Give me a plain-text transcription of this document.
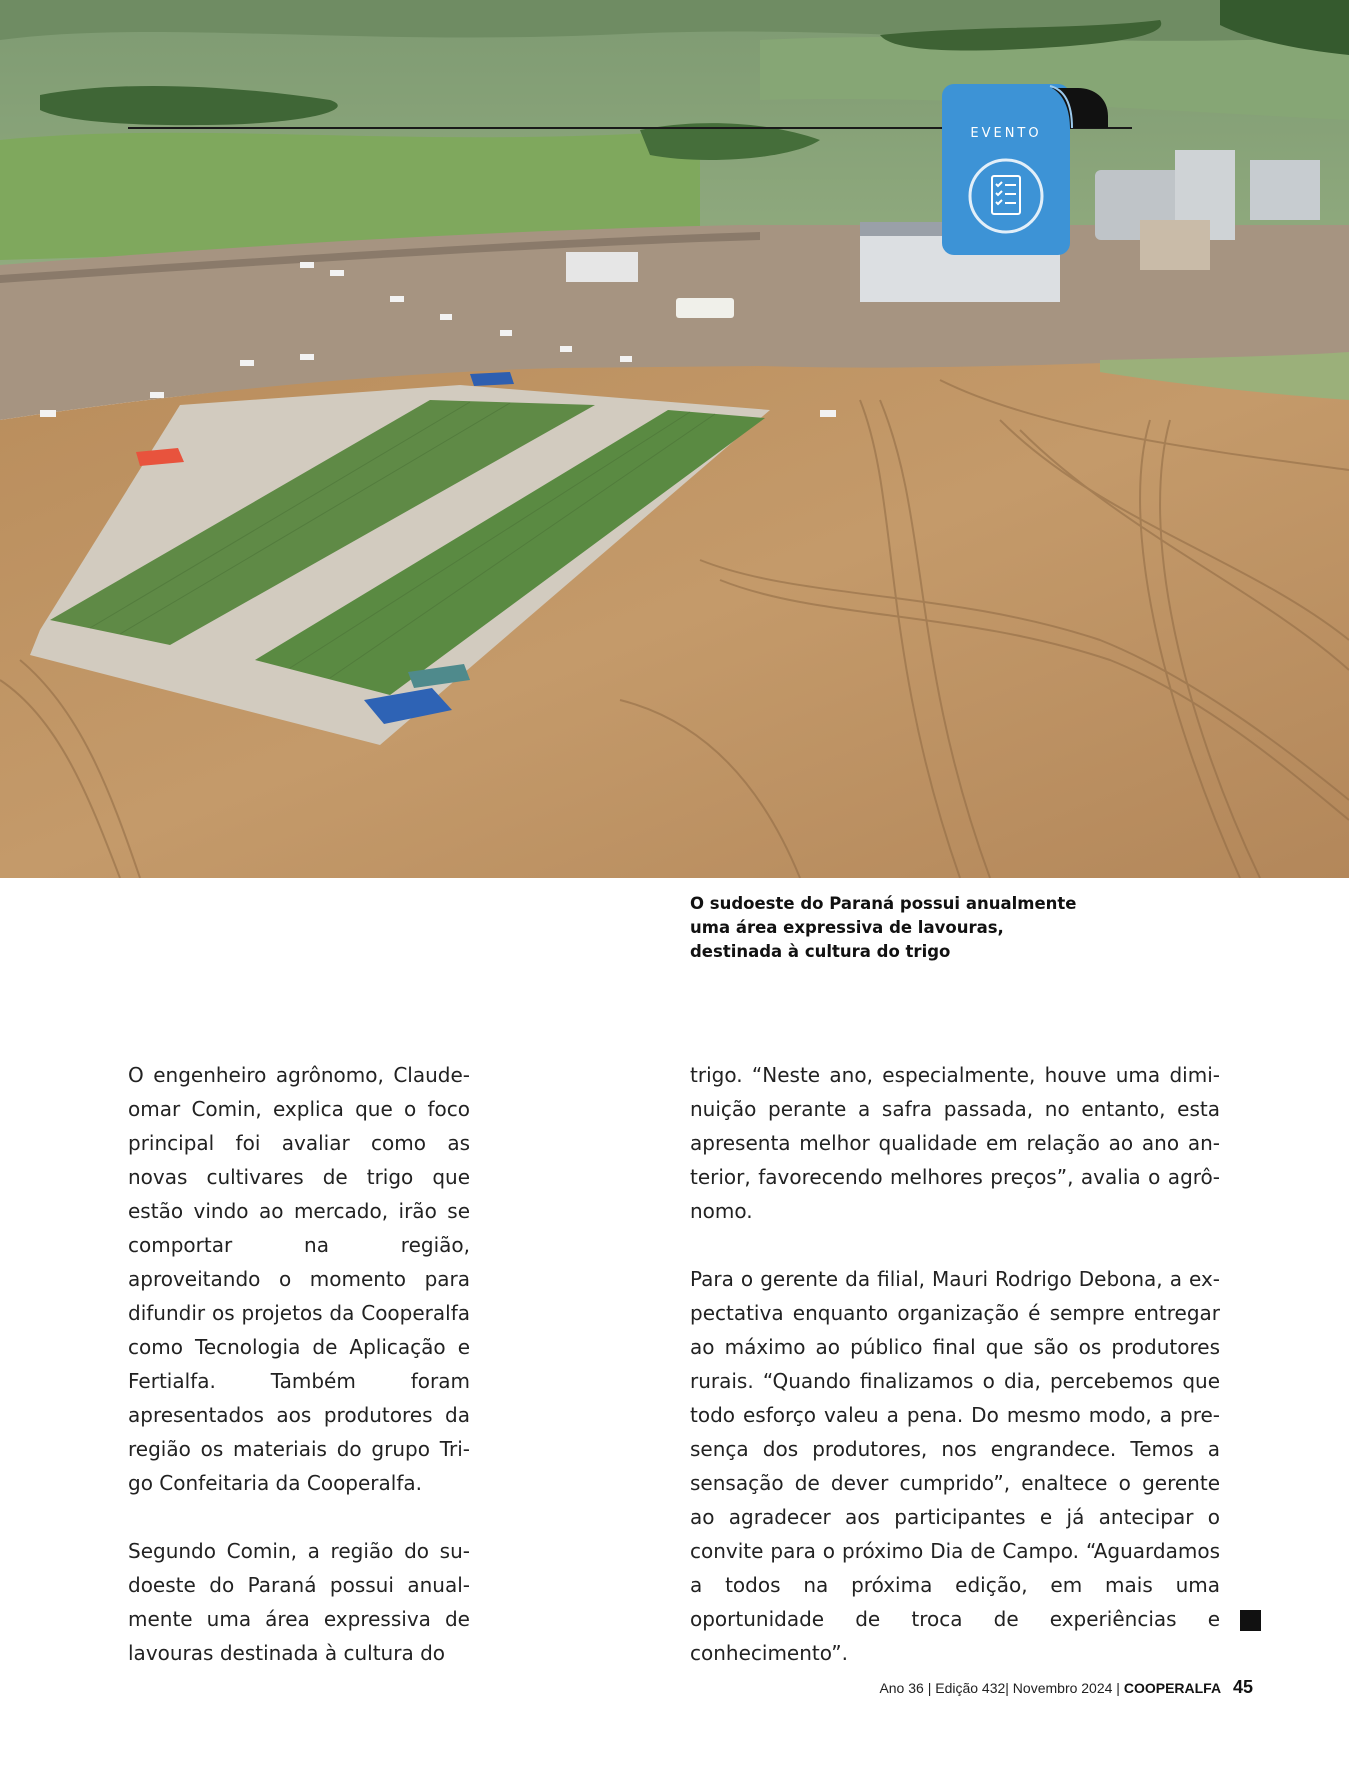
EVENTO
O sudoeste do Paraná possui anualmente uma área expressiva de lavouras, destinada à cultura do trigo

O engenheiro agrônomo, Claudeomar Comin, explica que o foco principal foi avaliar como as novas cultivares de trigo que estão vindo ao mercado, irão se comportar na região, aproveitando o momento para difundir os projetos da Cooperalfa como Tecnologia de Aplicação e Fertialfa. Também foram apresentados aos produtores da região os materiais do grupo Trigo Confeitaria da Cooperalfa.

Segundo Comin, a região do sudoeste do Paraná possui anualmente uma área expressiva de lavouras destinada à cultura do

trigo. “Neste ano, especialmente, houve uma diminuição perante a safra passada, no entanto, esta apresenta melhor qualidade em relação ao ano anterior, favorecendo melhores preços”, avalia o agrônomo.

Para o gerente da filial, Mauri Rodrigo Debona, a expectativa enquanto organização é sempre entregar ao máximo ao público final que são os produtores rurais. “Quando finalizamos o dia, percebemos que todo esforço valeu a pena. Do mesmo modo, a presença dos produtores, nos engrandece. Temos a sensação de dever cumprido”, enaltece o gerente ao agradecer aos participantes e já antecipar o convite para o próximo Dia de Campo. “Aguardamos a todos na próxima edição, em mais uma oportunidade de troca de experiências e conhecimento”.

Ano 36 | Edição 432| Novembro 2024 | COOPERALFA 45
